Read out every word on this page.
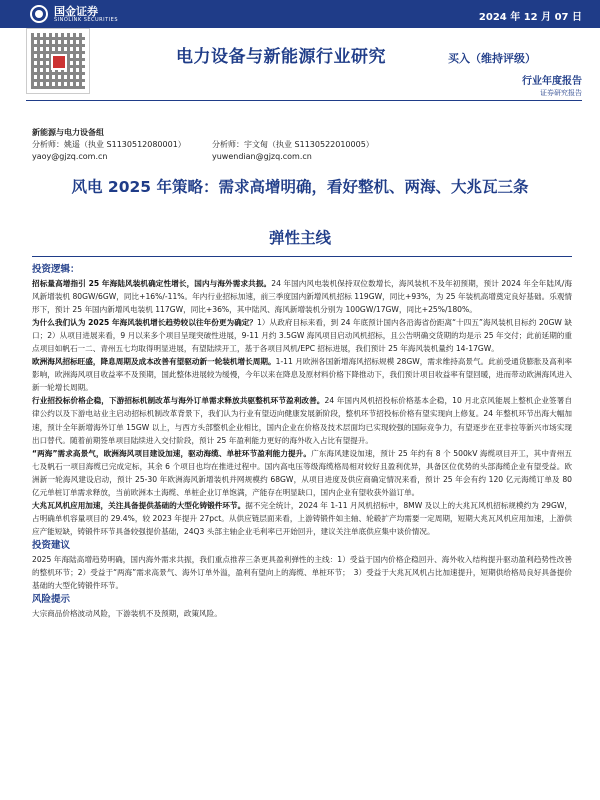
国金证券
SINOLINK SECURITIES	2024 年 12 月 07 日
电力设备与新能源行业研究	买入（维持评级）
行业年度报告
证券研究报告
新能源与电力设备组
分析师：姚遥（执业 S1130512080001）
yaoy@gjzq.com.cn
分析师：宇文甸（执业 S1130522010005）
yuwendian@gjzq.com.cn
风电 2025 年策略：需求高增明确，看好整机、两海、大兆瓦三条
弹性主线
投资逻辑：

招标量高增指引 25 年海陆风装机确定性增长，国内与海外需求共振。24 年国内风电装机保持双位数增长，海风装机不及年初预期，预计 2024 年全年陆风/海风新增装机 80GW/6GW，同比+16%/-11%。年内行业招标加速，前三季度国内新增风机招标 119GW，同比+93%，为 25 年装机高增奠定良好基础。乐观情形下，预计 25 年国内新增风电装机 117GW，同比+36%，其中陆风、海风新增装机分别为 100GW/17GW，同比+25%/180%。

为什么我们认为 2025 年海风装机增长趋势较以往年份更为确定？1）从政府目标来看，到 24 年底预计国内各沿海省份距离“十四五”海风装机目标约 20GW 缺口；2）从项目进展来看，9 月以来多个项目呈现突破性进展，9-11 月约 3.5GW 海风项目启动风机招标，且公告明确交货期的均是示 25 年交付；此前延期的重点项目如帆石一二、青州五七均取得明显进展，有望陆续开工，基于各项目风机/EPC 招标进展，我们预计 25 年海风装机量约 14-17GW。

欧洲海风招标旺盛，降息周期及成本改善有望驱动新一轮装机增长周期。1-11 月欧洲各国新增海风招标规模 28GW，需求维持高景气。此前受通货膨胀及高利率影响，欧洲海风项目收益率不及预期，国此整体进展较为缓慢，今年以来在降息及原材料价格下降推动下，我们预计项目收益率有望回暖，进而带动欧洲海风进入新一轮增长周期。

行业招投标价格企稳，下游招标机制改革与海外订单需求释放共驱整机环节盈利改善。24 年国内风机招投标价格基本企稳，10 月北京风能展上整机企业签署自律公约以及下游电站业主启动招标机制改革背景下，我们认为行业有望迈向健康发展新阶段，整机环节招投标价格有望实现向上修复。24 年整机环节出海大幅加速，预计全年新增海外订单 15GW 以上，与西方头部整机企业相比，国内企业在价格及技术层面均已实现较强的国际竞争力，有望逐步在亚非拉等新兴市场实现出口替代。随着前期签单项目陆续进入交付阶段，预计 25 年盈利能力更好的海外收入占比有望提升。

“两海”需求高景气，欧洲海风项目建设加速，驱动海缆、单桩环节盈利能力提升。广东海风建设加速，预计 25 年约有 8 个 500kV 海缆项目开工，其中青州五七及帆石一项目海缆已完成定标，其余 6 个项目也均在推进过程中。国内高电压等级海缆格局相对较好且盈利优异，具备区位优势的头部海缆企业有望受益。欧洲新一轮海风建设启动，预计 25-30 年欧洲海风新增装机并网规模约 68GW，从项目进度及供应商确定情况来看，预计 25 年会有约 120 亿元海缆订单及 80 亿元单桩订单需求释放，当前欧洲本土海缆、单桩企业订单饱满，产能存在明显缺口，国内企业有望收获外溢订单。

大兆瓦风机应用加速，关注具备提供基础的大型化铸锻件环节。据不完全统计，2024 年 1-11 月风机招标中，8MW 及以上的大兆瓦风机招标规模约为 29GW，占明确单机容量项目的 29.4%，较 2023 年提升 27pct。从供应链层面来看，上游铸锻件如主轴、轮毂扩产均需要一定周期，短期大兆瓦风机应用加速，上游供应产能短缺，铸锻件环节具备较强提价基础，24Q3 头部主轴企业毛利率已开始回升，建议关注单底供应集中谈价情况。

投资建议

2025 年海陆高增趋势明确，国内海外需求共振，我们重点推荐三条更具盈利弹性的主线：1）受益于国内价格企稳回升、海外收入结构提升驱动盈利趋势性改善的整机环节；2）受益于“两海”需求高景气、海外订单外溢，盈利有望向上的海缆、单桩环节；　3）受益于大兆瓦风机占比加速提升，短期供给格局良好具备提价基础的大型化铸锻件环节。

风险提示

大宗商品价格波动风险，下游装机不及预期，政策风险。
